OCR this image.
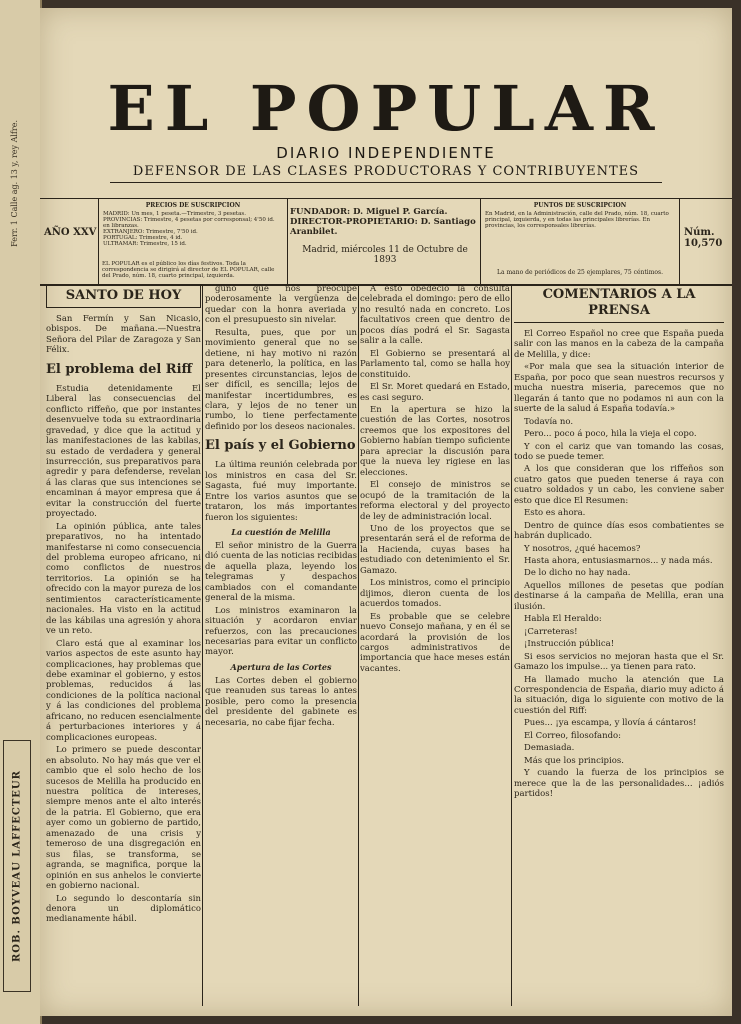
Ferr. 1 Calle ag. 13 y, rey Alfre.
ROB. BOYVEAU LAFFECTEUR
EL POPULAR
DIARIO INDEPENDIENTE
DEFENSOR DE LAS CLASES PRODUCTORAS Y CONTRIBUYENTES
AÑO XXV
PRECIOS DE SUSCRIPCION
MADRID: Un mes, 1 peseta.—Trimestre, 3 pesetas.
PROVINCIAS: Trimestre, 4 pesetas por corresponsal; 4'50 id. en libranzas.
EXTRANJERO: Trimestre, 7'50 id.
PORTUGAL: Trimestre, 4 id.
ULTRAMAR: Trimestre, 15 id.
EL POPULAR es el público los días festivos. Toda la correspondencia se dirigirá al director de EL POPULAR, calle del Prado, núm. 18, cuarto principal, izquierda.
FUNDADOR: D. Miguel P. García.
DIRECTOR-PROPIETARIO: D. Santiago Aranbilet.
Madrid, miércoles 11 de Octubre de 1893
PUNTOS DE SUSCRIPCION
En Madrid, en la Administración, calle del Prado, núm. 18, cuarto principal, izquierda, y en todas las principales librerías. En provincias, los corresponsales librerías.
La mano de periódicos de 25 ejemplares, 75 céntimos.
Núm. 10,570
SANTO DE HOY

San Fermín y San Nicasio, obispos. De mañana.—Nuestra Señora del Pilar de Zaragoza y San Félix.

El problema del Riff

Estudia detenidamente El Liberal las consecuencias del conflicto riffeño, que por instantes desenvuelve toda su extraordinaria gravedad, y dice que la actitud y las manifestaciones de las kabilas, su estado de verdadera y general insurrección, sus preparativos para agredir y para defenderse, revelan á las claras que sus intenciones se encaminan á mayor empresa que á evitar la construcción del fuerte proyectado.

La opinión pública, ante tales preparativos, no ha intentado manifestarse ni como consecuencia del problema europeo africano, ni como conflictos de nuestros territorios. La opinión se ha ofrecido con la mayor pureza de los sentimientos característicamente nacionales. Ha visto en la actitud de las kábilas una agresión y ahora ve un reto.

Claro está que al examinar los varios aspectos de este asunto hay complicaciones, hay problemas que debe examinar el gobierno, y estos problemas, reducidos á las condiciones de la política nacional y á las condiciones del problema africano, no reducen esencialmente á perturbaciones interiores y á complicaciones europeas.

Lo primero se puede descontar en absoluto. No hay más que ver el cambio que el solo hecho de los sucesos de Melilla ha producido en nuestra política de intereses, siempre menos ante el alto interés de la patria. El Gobierno, que era ayer como un gobierno de partido, amenazado de una crisis y temeroso de una disgregación en sus filas, se transforma, se agranda, se magnifica, porque la opinión en sus anhelos le convierte en gobierno nacional.

Lo segundo lo descontaría sin denora un diplomático medianamente hábil.

guno que nos preocupe poderosamente la vergüenza de quedar con la honra averiada y con el presupuesto sin nivelar.

Resulta, pues, que por un movimiento general que no se detiene, ni hay motivo ni razón para detenerlo, la política, en las presentes circunstancias, lejos de ser difícil, es sencilla; lejos de manifestar incertidumbres, es clara, y lejos de no tener un rumbo, lo tiene perfectamente definido por los deseos nacionales.

El país y el Gobierno

La última reunión celebrada por los ministros en casa del Sr. Sagasta, fué muy importante. Entre los varios asuntos que se trataron, los más importantes fueron los siguientes:

La cuestión de Melilla

El señor ministro de la Guerra dió cuenta de las noticias recibidas de aquella plaza, leyendo los telegramas y despachos cambiados con el comandante general de la misma.

Los ministros examinaron la situación y acordaron enviar refuerzos, con las precauciones necesarias para evitar un conflicto mayor.

Apertura de las Cortes

Las Cortes deben el gobierno que reanuden sus tareas lo antes posible, pero como la presencia del presidente del gabinete es necesaria, no cabe fijar fecha.

A esto obedeció la consulta celebrada el domingo: pero de ello no resultó nada en concreto. Los facultativos creen que dentro de pocos días podrá el Sr. Sagasta salir a la calle.

El Gobierno se presentará al Parlamento tal, como se halla hoy constituido.

El Sr. Moret quedará en Estado, es casi seguro.

En la apertura se hizo la cuestión de las Cortes, nosotros creemos que los expositores del Gobierno habían tiempo suficiente para apreciar la discusión para que la nueva ley rigiese en las elecciones.

El consejo de ministros se ocupó de la tramitación de la reforma electoral y del proyecto de ley de administración local.

Uno de los proyectos que se presentarán será el de reforma de la Hacienda, cuyas bases ha estudiado con detenimiento el Sr. Gamazo.

Los ministros, como el principio dijimos, dieron cuenta de los acuerdos tomados.

Es probable que se celebre nuevo Consejo mañana, y en él se acordará la provisión de los cargos administrativos de importancia que hace meses están vacantes.

COMENTARIOS A LA PRENSA

El Correo Español no cree que España pueda salir con las manos en la cabeza de la campaña de Melilla, y dice:

«Por mala que sea la situación interior de España, por poco que sean nuestros recursos y mucha nuestra miseria, parecemos que no llegarán á tanto que no podamos ni aun con la suerte de la salud á España todavía.»

Todavía no.

Pero... poco á poco, hila la vieja el copo.

Y con el cariz que van tomando las cosas, todo se puede temer.

A los que consideran que los riffeños son cuatro gatos que pueden tenerse á raya con cuatro soldados y un cabo, les conviene saber esto que dice El Resumen:

Esto es ahora.

Dentro de quince días esos combatientes se habrán duplicado.

Y nosotros, ¿qué hacemos?

Hasta ahora, entusiasmarnos... y nada más.

De lo dicho no hay nada.

Aquellos millones de pesetas que podían destinarse á la campaña de Melilla, eran una ilusión.

Habla El Heraldo:

¡Carreteras!

¡Instrucción pública!

Si esos servicios no mejoran hasta que el Sr. Gamazo los impulse... ya tienen para rato.

Ha llamado mucho la atención que La Correspondencia de España, diario muy adicto á la situación, diga lo siguiente con motivo de la cuestión del Riff:

Pues... ¡ya escampa, y llovía á cántaros!

El Correo, filosofando:

Demasiada.

Más que los principios.

Y cuando la fuerza de los principios se merece que la de las personalidades... ¡adiós partidos!
